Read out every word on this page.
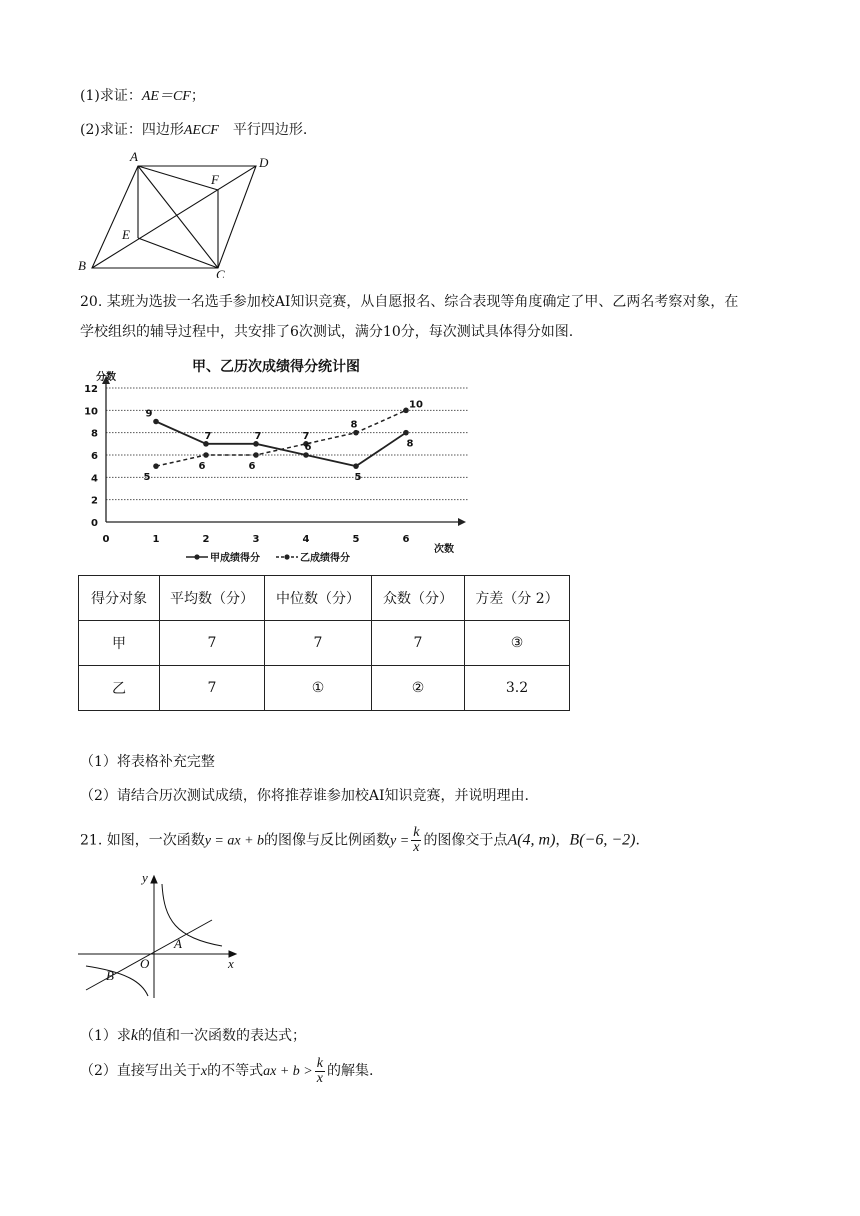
(1)求证：AE＝CF；
(2)求证：四边形AECF　平行四边形.
A	D
F
E
B
C
20. 某班为选拔一名选手参加校AI知识竞赛，从自愿报名、综合表现等角度确定了甲、乙两名考察对象，在
学校组织的辅导过程中，共安排了6次测试，满分10分，每次测试具体得分如图.
甲、乙历次成绩得分统计图
0
2
4
6
8
10
12
0	1	2	3	4	5	6
9
7	7
6
5
8
5
6	6
7
8
10
分数
次数
甲成绩得分	乙成绩得分
得分对象	平均数（分）	中位数（分）	众数（分）	方差（分 2）
甲	7	7	7	③
乙	7	①	②	3.2
（1）将表格补充完整
（2）请结合历次测试成绩，你将推荐谁参加校AI知识竞赛，并说明理由.
21. 如图，一次函数y = ax + b的图像与反比例函数$y = \frac{k}{x}$ 的图像交于点A(4, m)，B(−6, −2).
y
x
O
A
B
（1）求k的值和一次函数的表达式；
（2）直接写出关于x的不等式ax + $b > \frac{k}{x}$ 的解集.
